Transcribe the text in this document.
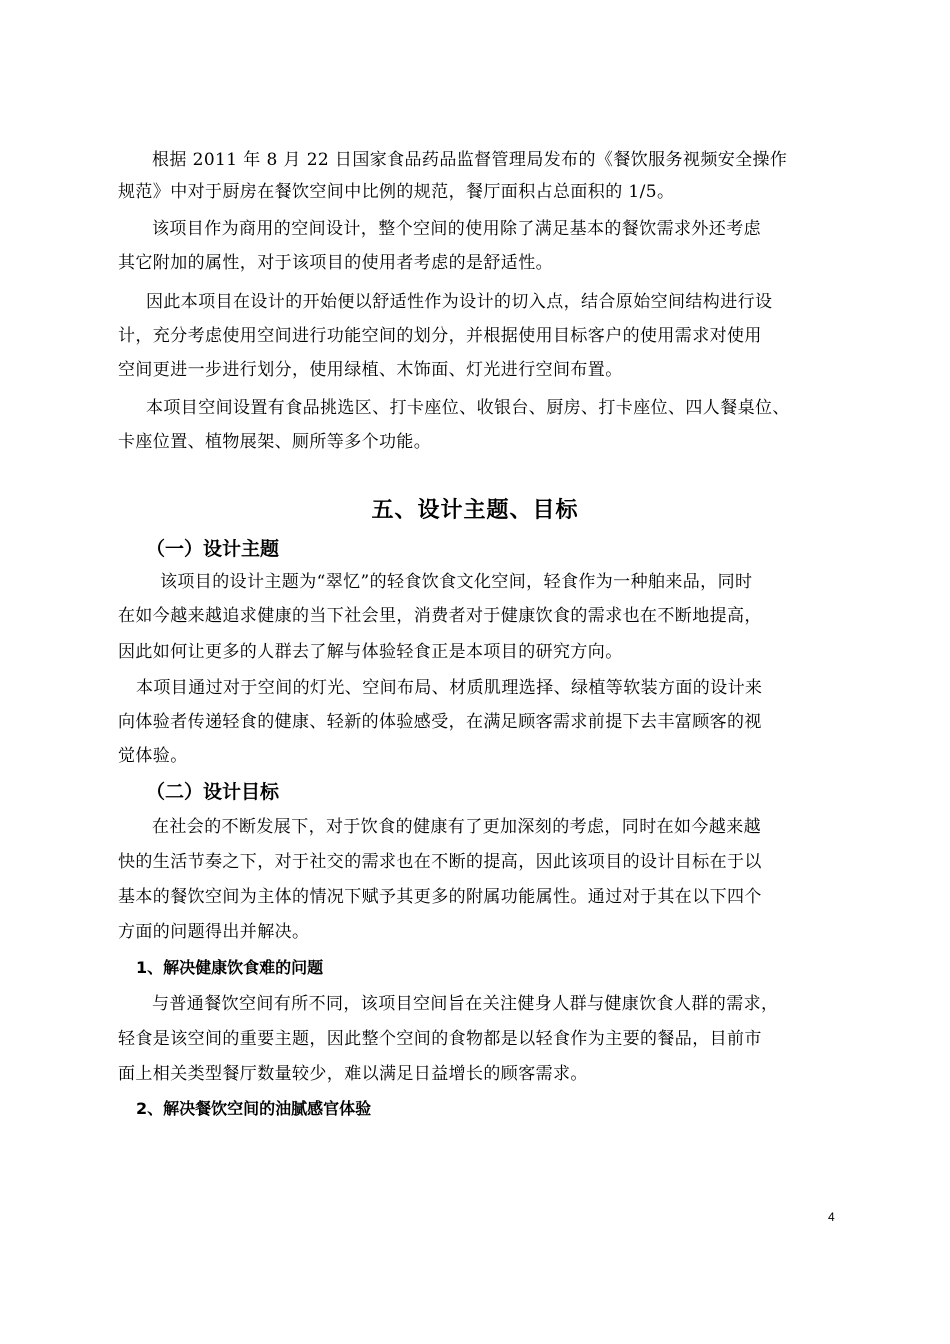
根据 2011 年 8 月 22 日国家食品药品监督管理局发布的《餐饮服务视频安全操作
规范》中对于厨房在餐饮空间中比例的规范，餐厅面积占总面积的 1/5。
该项目作为商用的空间设计，整个空间的使用除了满足基本的餐饮需求外还考虑
其它附加的属性，对于该项目的使用者考虑的是舒适性。
因此本项目在设计的开始便以舒适性作为设计的切入点，结合原始空间结构进行设
计，充分考虑使用空间进行功能空间的划分，并根据使用目标客户的使用需求对使用
空间更进一步进行划分，使用绿植、木饰面、灯光进行空间布置。
本项目空间设置有食品挑选区、打卡座位、收银台、厨房、打卡座位、四人餐桌位、
卡座位置、植物展架、厕所等多个功能。
五、设计主题、目标
（一）设计主题
该项目的设计主题为“翠忆”的轻食饮食文化空间，轻食作为一种舶来品，同时
在如今越来越追求健康的当下社会里，消费者对于健康饮食的需求也在不断地提高，
因此如何让更多的人群去了解与体验轻食正是本项目的研究方向。
本项目通过对于空间的灯光、空间布局、材质肌理选择、绿植等软装方面的设计来
向体验者传递轻食的健康、轻新的体验感受，在满足顾客需求前提下去丰富顾客的视
觉体验。
（二）设计目标
在社会的不断发展下，对于饮食的健康有了更加深刻的考虑，同时在如今越来越
快的生活节奏之下，对于社交的需求也在不断的提高，因此该项目的设计目标在于以
基本的餐饮空间为主体的情况下赋予其更多的附属功能属性。通过对于其在以下四个
方面的问题得出并解决。
1、解决健康饮食难的问题
与普通餐饮空间有所不同，该项目空间旨在关注健身人群与健康饮食人群的需求，
轻食是该空间的重要主题，因此整个空间的食物都是以轻食作为主要的餐品，目前市
面上相关类型餐厅数量较少，难以满足日益增长的顾客需求。
2、解决餐饮空间的油腻感官体验
4
